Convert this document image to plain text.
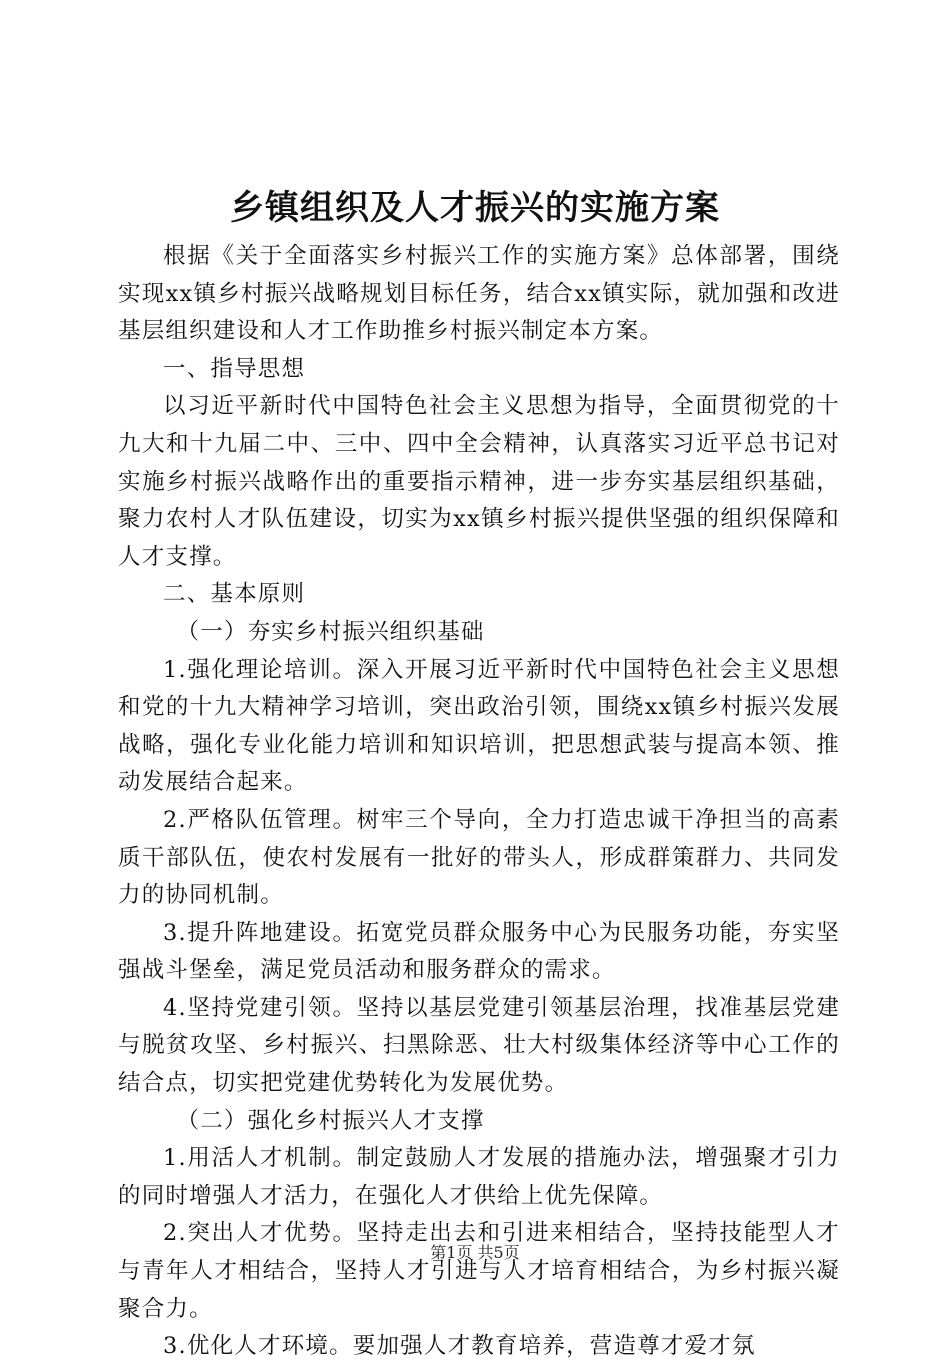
乡镇组织及人才振兴的实施方案

根据《关于全面落实乡村振兴工作的实施方案》总体部署，围绕实现xx镇乡村振兴战略规划目标任务，结合xx镇实际，就加强和改进基层组织建设和人才工作助推乡村振兴制定本方案。

一、指导思想

以习近平新时代中国特色社会主义思想为指导，全面贯彻党的十九大和十九届二中、三中、四中全会精神，认真落实习近平总书记对实施乡村振兴战略作出的重要指示精神，进一步夯实基层组织基础，聚力农村人才队伍建设，切实为xx镇乡村振兴提供坚强的组织保障和人才支撑。

二、基本原则

（一）夯实乡村振兴组织基础

1.强化理论培训。深入开展习近平新时代中国特色社会主义思想和党的十九大精神学习培训，突出政治引领，围绕xx镇乡村振兴发展战略，强化专业化能力培训和知识培训，把思想武装与提高本领、推动发展结合起来。

2.严格队伍管理。树牢三个导向，全力打造忠诚干净担当的高素质干部队伍，使农村发展有一批好的带头人，形成群策群力、共同发力的协同机制。

3.提升阵地建设。拓宽党员群众服务中心为民服务功能，夯实坚强战斗堡垒，满足党员活动和服务群众的需求。

4.坚持党建引领。坚持以基层党建引领基层治理，找准基层党建与脱贫攻坚、乡村振兴、扫黑除恶、壮大村级集体经济等中心工作的结合点，切实把党建优势转化为发展优势。

（二）强化乡村振兴人才支撑

1.用活人才机制。制定鼓励人才发展的措施办法，增强聚才引力的同时增强人才活力，在强化人才供给上优先保障。

2.突出人才优势。坚持走出去和引进来相结合，坚持技能型人才与青年人才相结合，坚持人才引进与人才培育相结合，为乡村振兴凝聚合力。

3.优化人才环境。要加强人才教育培养，营造尊才爱才氛

第1页 共5页
